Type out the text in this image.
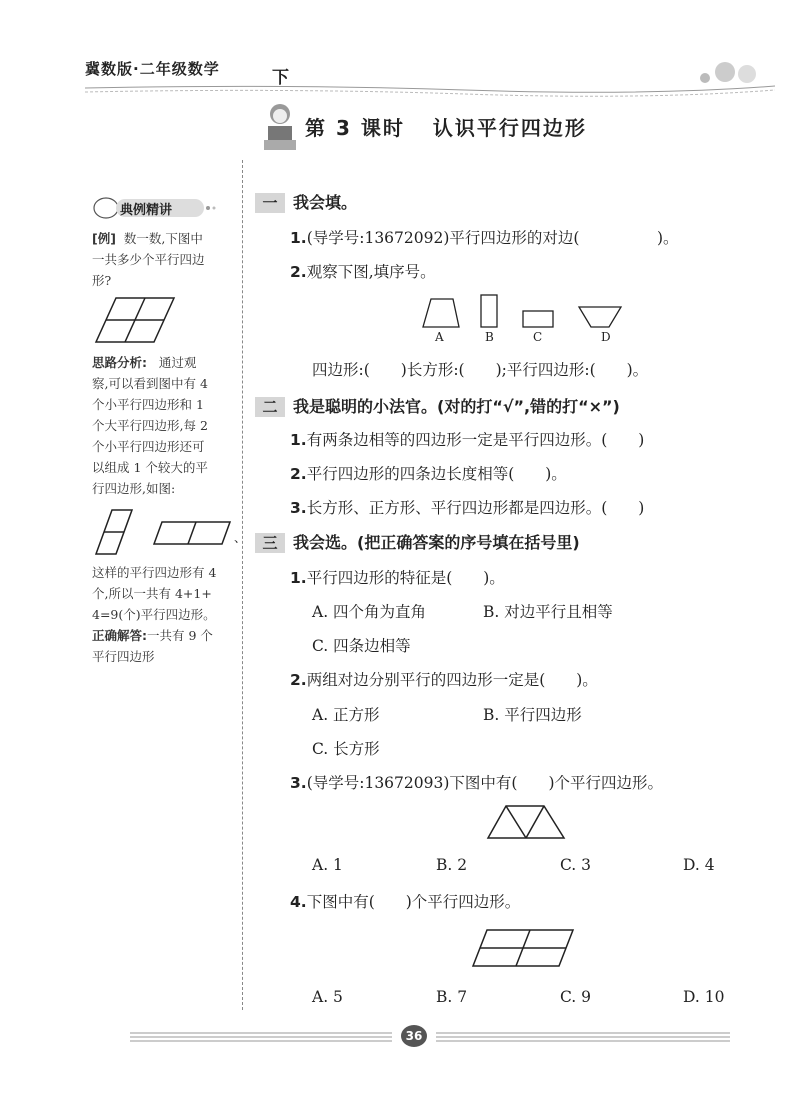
冀数版·二年级数学	下
第 3 课时 认识平行四边形
典例精讲
[例] 数一数,下图中
一共多少个平行四边
形?
思路分析: 通过观
察,可以看到图中有 4
个小平行四边形和 1
个大平行四边形,每 2
个小平行四边形还可
以组成 1 个较大的平
行四边形,如图:
、
这样的平行四边形有 4
个,所以一共有 4+1+
4=9(个)平行四边形。
正确解答:一共有 9 个
平行四边形
一 我会填。
1.(导学号:13672092)平行四边形的对边(　　　　　)。
2.观察下图,填序号。
A	B	C	D
四边形:(　　)长方形:(　　);平行四边形:(　　)。
二 我是聪明的小法官。(对的打“√”,错的打“×”)
1.有两条边相等的四边形一定是平行四边形。(　　)
2.平行四边形的四条边长度相等(　　)。
3.长方形、正方形、平行四边形都是四边形。(　　)
三 我会选。(把正确答案的序号填在括号里)
1.平行四边形的特征是(　　)。
A. 四个角为直角	B. 对边平行且相等
C. 四条边相等
2.两组对边分别平行的四边形一定是(　　)。
A. 正方形	B. 平行四边形
C. 长方形
3.(导学号:13672093)下图中有(　　)个平行四边形。
A. 1	B. 2	C. 3	D. 4
4.下图中有(　　)个平行四边形。
A. 5	B. 7	C. 9	D. 10
36
